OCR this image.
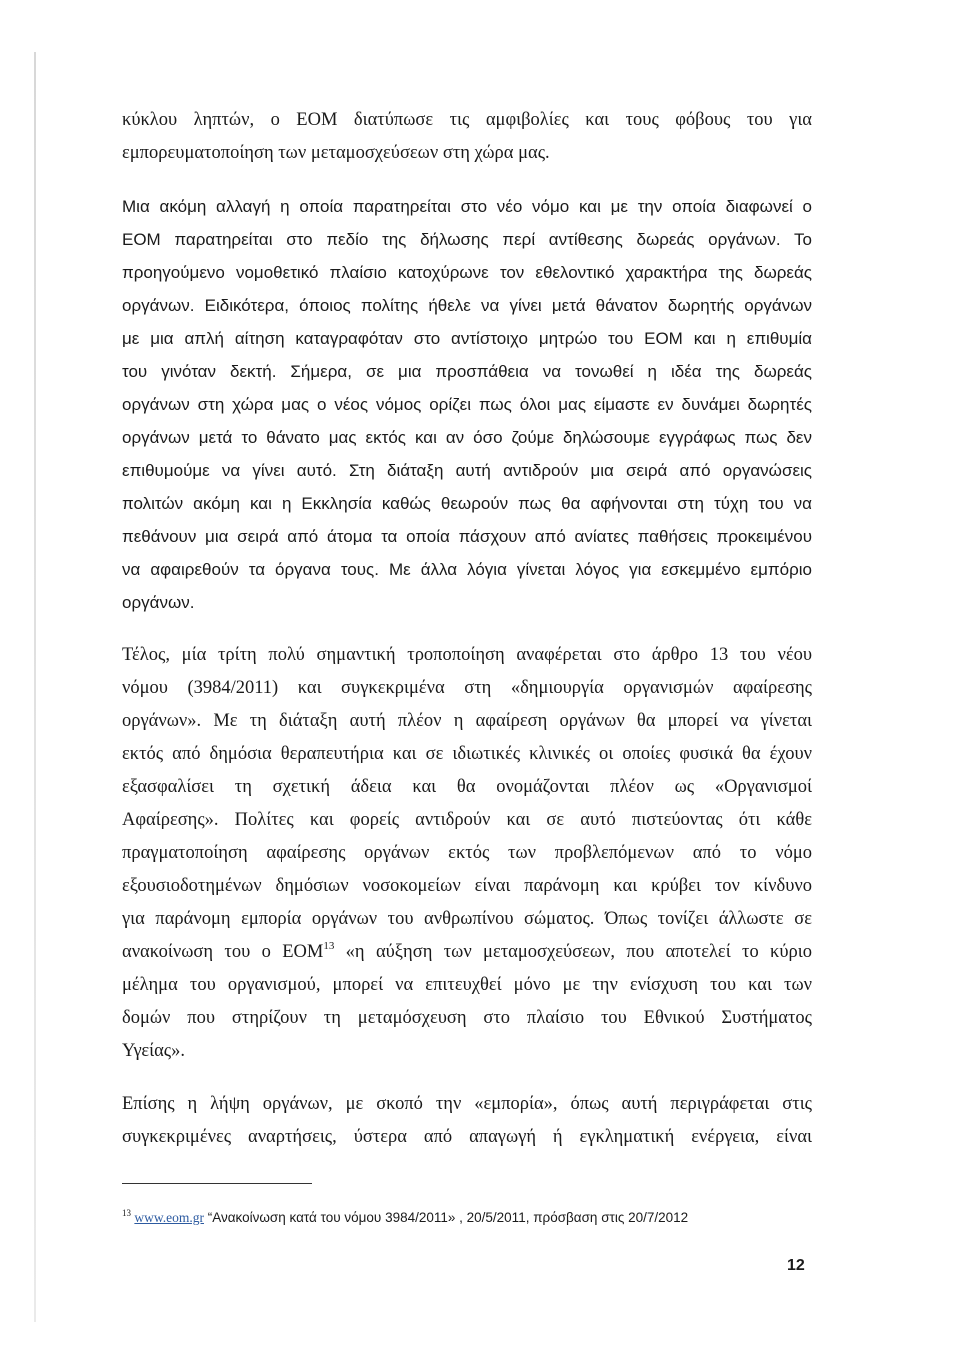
κύκλου ληπτών, ο ΕΟΜ διατύπωσε τις αμφιβολίες και τους φόβους του για
εμπορευματοποίηση των μεταμοσχεύσεων στη χώρα μας.

Μια ακόμη αλλαγή η οποία παρατηρείται στο νέο νόμο και με την οποία διαφωνεί ο
ΕΟΜ παρατηρείται στο πεδίο της δήλωσης περί αντίθεσης δωρεάς οργάνων. Το
προηγούμενο νομοθετικό πλαίσιο κατοχύρωνε τον εθελοντικό χαρακτήρα της δωρεάς
οργάνων. Ειδικότερα, όποιος πολίτης ήθελε να γίνει μετά θάνατον δωρητής οργάνων
με μια απλή αίτηση καταγραφόταν στο αντίστοιχο μητρώο του ΕΟΜ και η επιθυμία
του γινόταν δεκτή. Σήμερα, σε μια προσπάθεια να τονωθεί η ιδέα της δωρεάς
οργάνων στη χώρα μας ο νέος νόμος ορίζει πως όλοι μας είμαστε εν δυνάμει δωρητές
οργάνων μετά το θάνατο μας εκτός και αν όσο ζούμε δηλώσουμε εγγράφως πως δεν
επιθυμούμε να γίνει αυτό. Στη διάταξη αυτή αντιδρούν μια σειρά από οργανώσεις
πολιτών ακόμη και η Εκκλησία καθώς θεωρούν πως θα αφήνονται στη τύχη του να
πεθάνουν μια σειρά από άτομα τα οποία πάσχουν από ανίατες παθήσεις προκειμένου
να αφαιρεθούν τα όργανα τους. Με άλλα λόγια γίνεται λόγος για εσκεμμένο εμπόριο
οργάνων.

Τέλος, μία τρίτη πολύ σημαντική τροποποίηση αναφέρεται στο άρθρο 13 του νέου
νόμου (3984/2011) και συγκεκριμένα στη «δημιουργία οργανισμών αφαίρεσης
οργάνων». Με τη διάταξη αυτή πλέον η αφαίρεση οργάνων θα μπορεί να γίνεται
εκτός από δημόσια θεραπευτήρια και σε ιδιωτικές κλινικές οι οποίες φυσικά θα έχουν
εξασφαλίσει τη σχετική άδεια και θα ονομάζονται πλέον ως «Οργανισμοί
Αφαίρεσης». Πολίτες και φορείς αντιδρούν και σε αυτό πιστεύοντας ότι κάθε
πραγματοποίηση αφαίρεσης οργάνων εκτός των προβλεπόμενων από το νόμο
εξουσιοδοτημένων δημόσιων νοσοκομείων είναι παράνομη και κρύβει τον κίνδυνο
για παράνομη εμπορία οργάνων του ανθρωπίνου σώματος. Όπως τονίζει άλλωστε σε
ανακοίνωση του ο ΕΟΜ$^{13}$ «η αύξηση των μεταμοσχεύσεων, που αποτελεί το κύριο
μέλημα του οργανισμού, μπορεί να επιτευχθεί μόνο με την ενίσχυση του και των
δομών που στηρίζουν τη μεταμόσχευση στο πλαίσιο του Εθνικού Συστήματος
Υγείας».

Επίσης η λήψη οργάνων, με σκοπό την «εμπορία», όπως αυτή περιγράφεται στις
συγκεκριμένες αναρτήσεις, ύστερα από απαγωγή ή εγκληματική ενέργεια, είναι

$^{13}$ www.eom.gr “Ανακοίνωση κατά του νόμου 3984/2011» , 20/5/2011, πρόσβαση στις 20/7/2012
12
